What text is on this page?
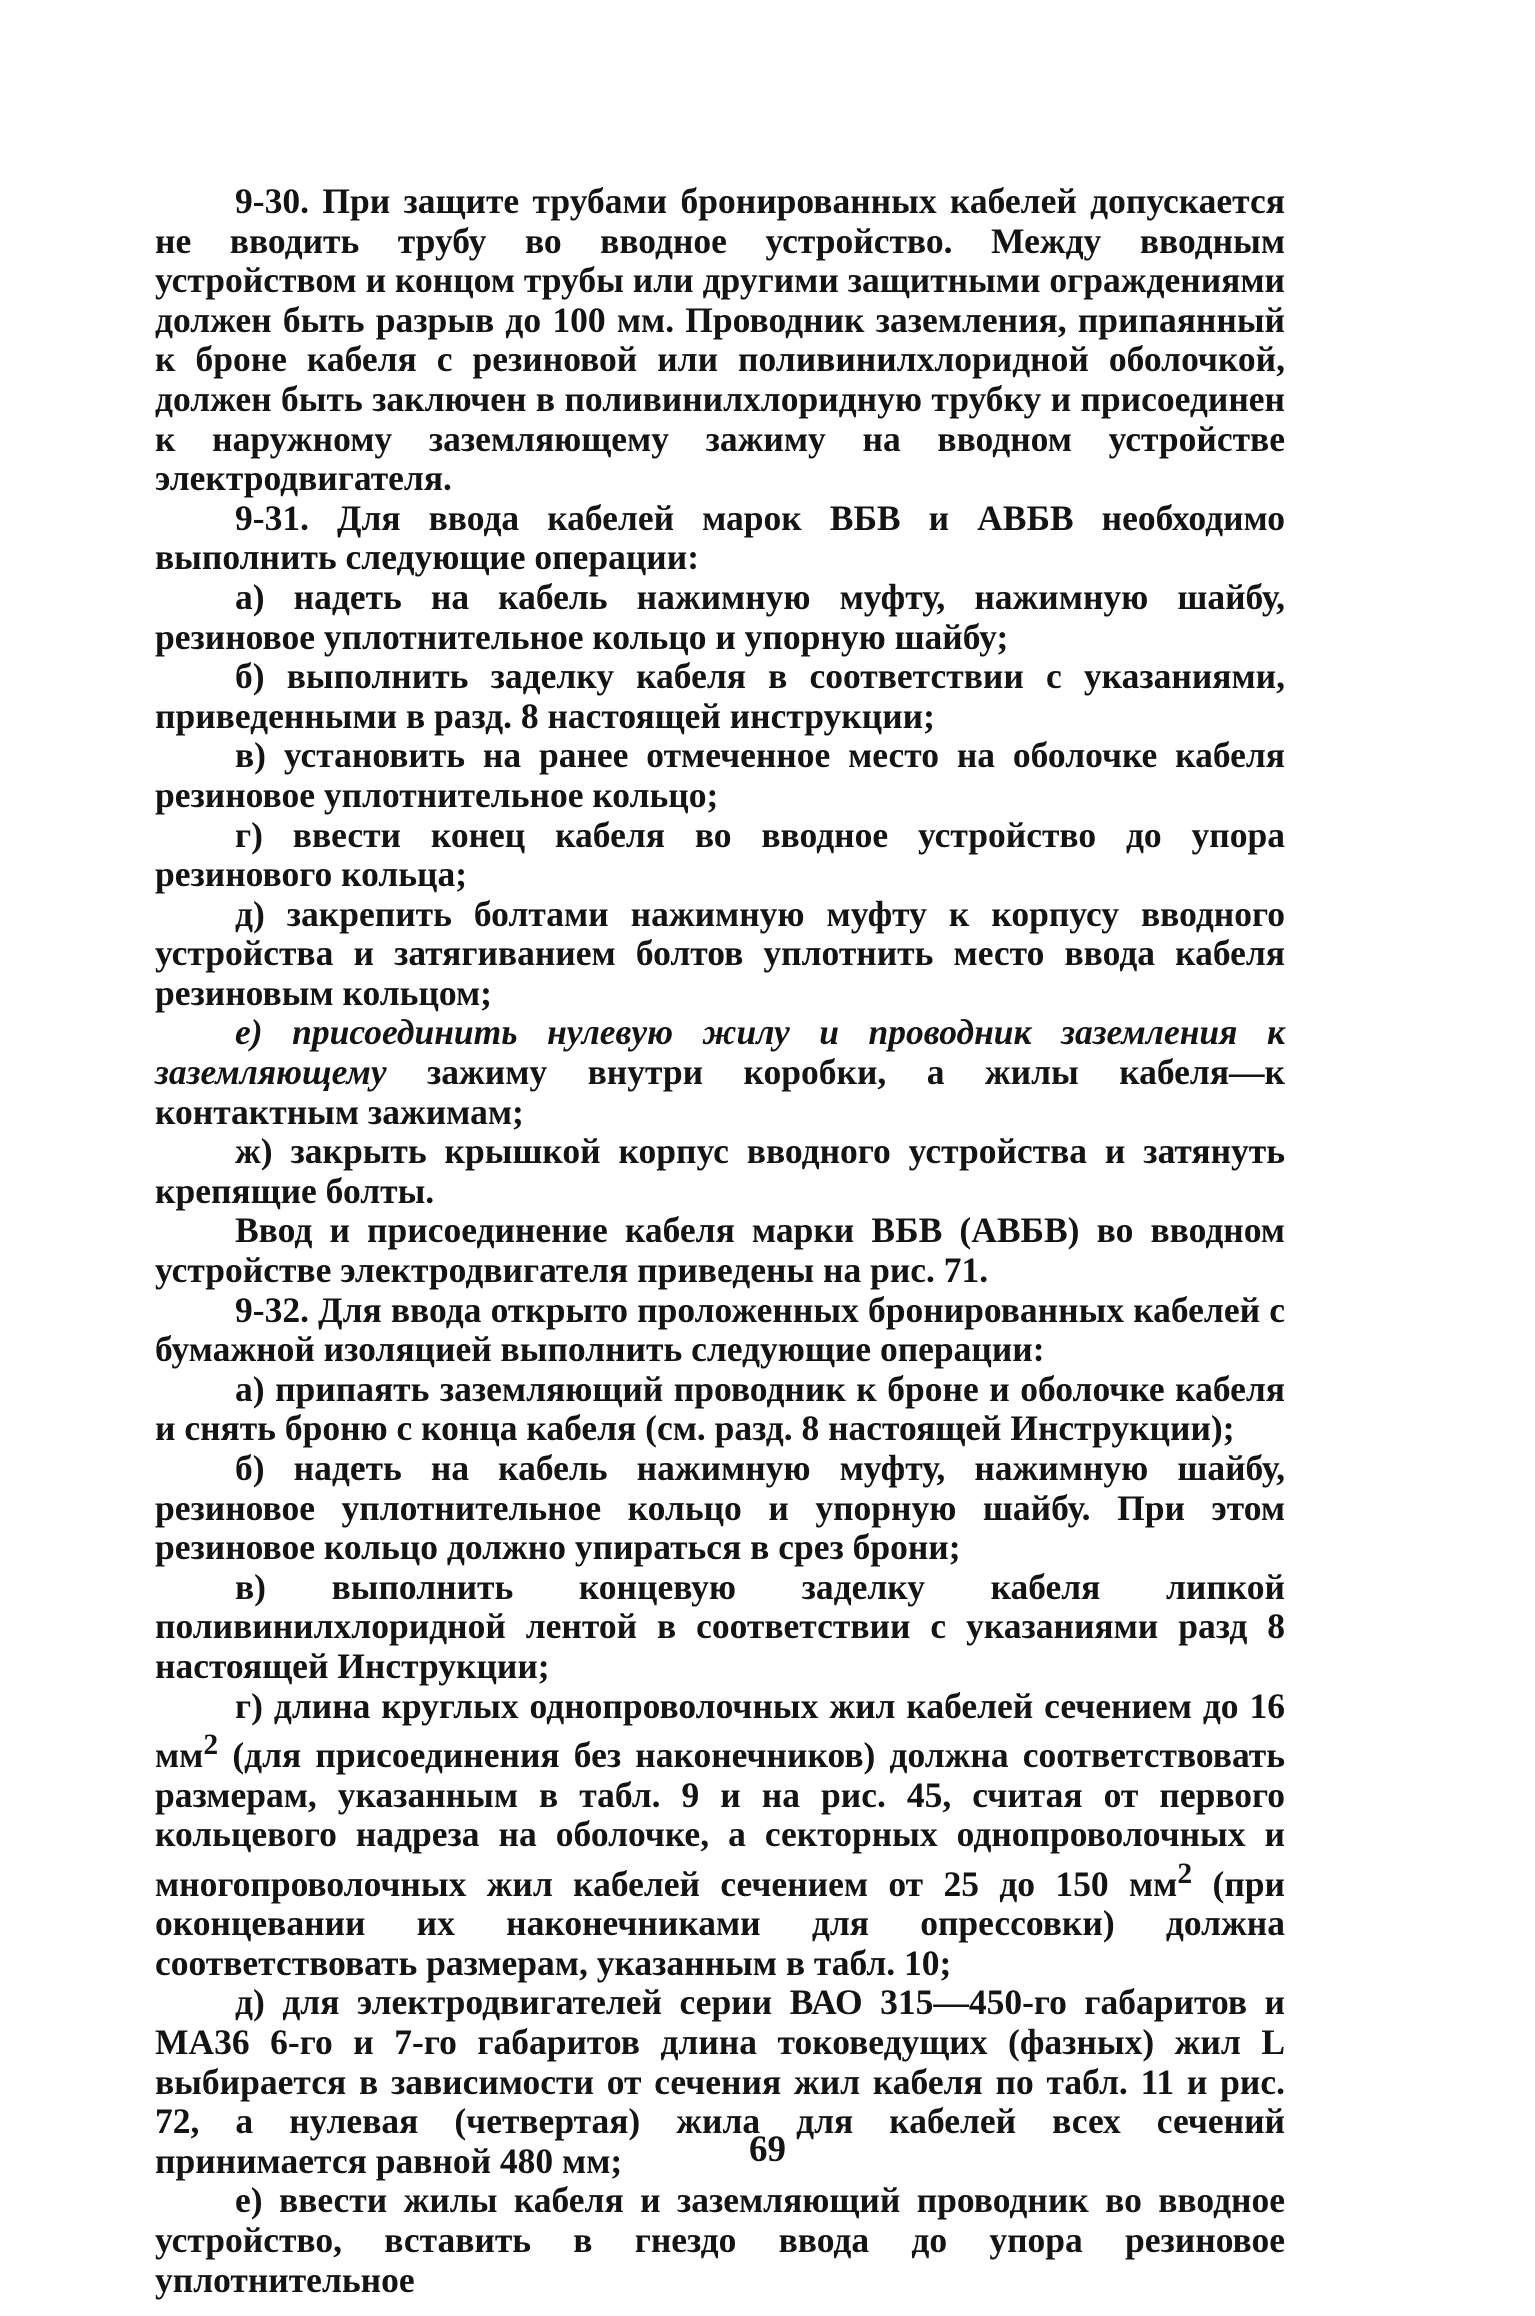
9-30. При защите трубами бронированных кабелей допускается не вводить трубу во вводное устройство. Между вводным устройством и концом трубы или другими защитными ограждениями должен быть разрыв до 100 мм. Проводник заземления, припаянный к броне кабеля с резиновой или поливинилхлоридной оболочкой, должен быть заключен в поливинилхлоридную трубку и присоединен к наружному заземляющему зажиму на вводном устройстве электродвигателя.

9-31. Для ввода кабелей марок ВБВ и АВБВ необходимо выполнить следующие операции:

а) надеть на кабель нажимную муфту, нажимную шайбу, резиновое уплотнительное кольцо и упорную шайбу;

б) выполнить заделку кабеля в соответствии с указаниями, приведенными в разд. 8 настоящей инструкции;

в) установить на ранее отмеченное место на оболочке кабеля резиновое уплотнительное кольцо;

г) ввести конец кабеля во вводное устройство до упора резинового кольца;

д) закрепить болтами нажимную муфту к корпусу вводного устройства и затягиванием болтов уплотнить место ввода кабеля резиновым кольцом;

е) присоединить нулевую жилу и проводник заземления к заземляющему зажиму внутри коробки, а жилы кабеля—к контактным зажимам;

ж) закрыть крышкой корпус вводного устройства и затянуть крепящие болты.

Ввод и присоединение кабеля марки ВБВ (АВБВ) во вводном устройстве электродвигателя приведены на рис. 71.

9-32. Для ввода открыто проложенных бронированных кабелей с бумажной изоляцией выполнить следующие операции:

а) припаять заземляющий проводник к броне и оболочке кабеля и снять броню с конца кабеля (см. разд. 8 настоящей Инструкции);

б) надеть на кабель нажимную муфту, нажимную шайбу, резиновое уплотнительное кольцо и упорную шайбу. При этом резиновое кольцо должно упираться в срез брони;

в) выполнить концевую заделку кабеля липкой поливинилхлоридной лентой в соответствии с указаниями разд 8 настоящей Инструкции;

г) длина круглых однопроволочных жил кабелей сечением до 16 $мм^2$ (для присоединения без наконечников) должна соответствовать размерам, указанным в табл. 9 и на рис. 45, считая от первого кольцевого надреза на оболочке, а секторных однопроволочных и многопроволочных жил кабелей сечением от 25 до 150 $мм^2$ (при оконцевании их наконечниками для опрессовки) должна соответствовать размерам, указанным в табл. 10;

д) для электродвигателей серии ВАО 315—450-го габаритов и МА36 6-го и 7-го габаритов длина токоведущих (фазных) жил L выбирается в зависимости от сечения жил кабеля по табл. 11 и рис. 72, а нулевая (четвертая) жила для кабелей всех сечений принимается равной 480 мм;

е) ввести жилы кабеля и заземляющий проводник во вводное устройство, вставить в гнездо ввода до упора резиновое уплотнительное

69
